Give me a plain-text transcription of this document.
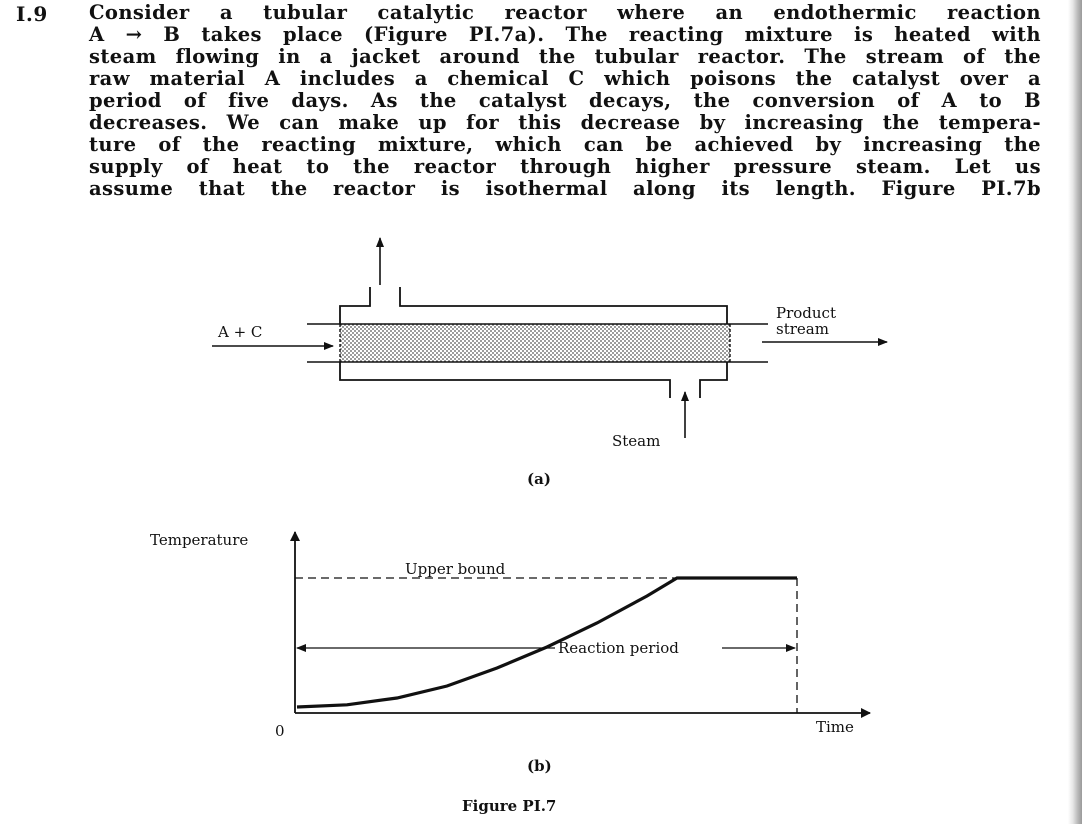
I.9 Consider a tubular catalytic reactor where an endothermic reaction
A → B takes place (Figure PI.7a). The reacting mixture is heated with
steam flowing in a jacket around the tubular reactor. The stream of the
raw material A includes a chemical C which poisons the catalyst over a
period of five days. As the catalyst decays, the conversion of A to B
decreases. We can make up for this decrease by increasing the tempera-
ture of the reacting mixture, which can be achieved by increasing the
supply of heat to the reactor through higher pressure steam. Let us
assume that the reactor is isothermal along its length. Figure PI.7b
A + C
Product
stream
Steam
(a)
Temperature
Upper bound
Reaction period
0	Time
(b)
Figure PI.7
